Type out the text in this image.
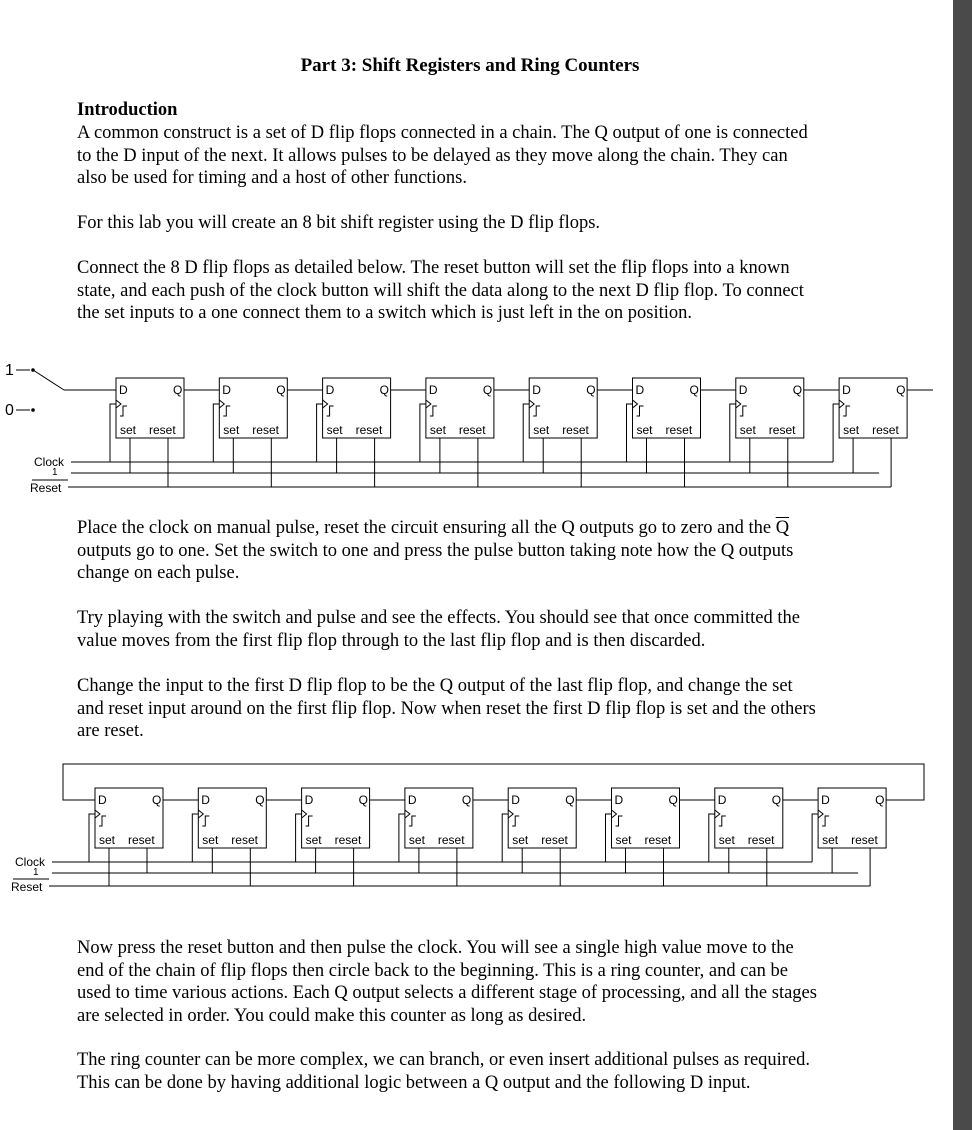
Part 3: Shift Registers and Ring Counters
Introduction
A common construct is a set of D flip flops connected in a chain. The Q output of one is connected
to the D input of the next. It allows pulses to be delayed as they move along the chain. They can
also be used for timing and a host of other functions.
For this lab you will create an 8 bit shift register using the D flip flops.
Connect the 8 D flip flops as detailed below. The reset button will set the flip flops into a known
state, and each push of the clock button will shift the data along to the next D flip flop. To connect
the set inputs to a one connect them to a switch which is just left in the on position.
Clock
1
Reset
D	Q
set reset
D	Q
set reset
D	Q
set reset
D	Q
set reset
D	Q
set reset
D	Q
set reset
D	Q
set reset
D	Q
set reset
1
0
Place the clock on manual pulse, reset the circuit ensuring all the Q outputs go to zero and the $\overline{Q}$
outputs go to one. Set the switch to one and press the pulse button taking note how the Q outputs
change on each pulse.
Try playing with the switch and pulse and see the effects. You should see that once committed the
value moves from the first flip flop through to the last flip flop and is then discarded.
Change the input to the first D flip flop to be the Q output of the last flip flop, and change the set
and reset input around on the first flip flop. Now when reset the first D flip flop is set and the others
are reset.
Clock
1
Reset
D	Q
set reset
D	Q
set reset
D	Q
set reset
D	Q
set reset
D	Q
set reset
D	Q
set reset
D	Q
set reset
D	Q
set reset
Now press the reset button and then pulse the clock. You will see a single high value move to the
end of the chain of flip flops then circle back to the beginning. This is a ring counter, and can be
used to time various actions. Each Q output selects a different stage of processing, and all the stages
are selected in order. You could make this counter as long as desired.
The ring counter can be more complex, we can branch, or even insert additional pulses as required.
This can be done by having additional logic between a Q output and the following D input.
